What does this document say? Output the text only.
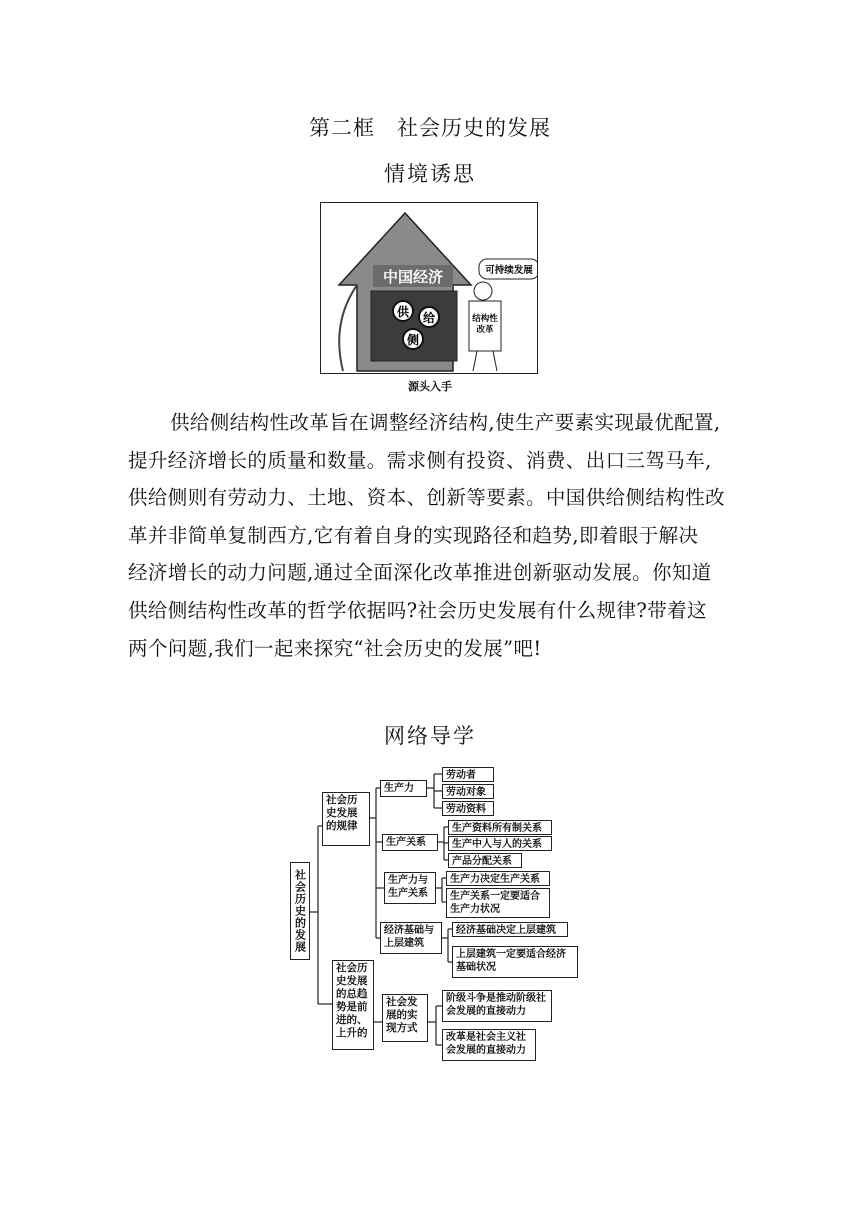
第二框　社会历史的发展
情境诱思
中国经济
供 给
侧
可持续发展
结构性改革
源头入手
供给侧结构性改革旨在调整经济结构,使生产要素实现最优配置,
提升经济增长的质量和数量。需求侧有投资、消费、出口三驾马车,
供给侧则有劳动力、土地、资本、创新等要素。中国供给侧结构性改
革并非简单复制西方,它有着自身的实现路径和趋势,即着眼于解决
经济增长的动力问题,通过全面深化改革推进创新驱动发展。你知道
供给侧结构性改革的哲学依据吗?社会历史发展有什么规律?带着这
两个问题,我们一起来探究“社会历史的发展”吧!
网络导学
社会历史的发展
社会历史发展的规律
社会历史发展的总趋势是前进的、上升的
生产力
劳动者
劳动对象
劳动资料
生产关系
生产资料所有制关系
生产中人与人的关系
产品分配关系
生产力与生产关系
生产力决定生产关系
生产关系一定要适合生产力状况
经济基础与上层建筑
经济基础决定上层建筑
上层建筑一定要适合经济基础状况
社会发展的实现方式
阶级斗争是推动阶级社会发展的直接动力
改革是社会主义社会发展的直接动力
